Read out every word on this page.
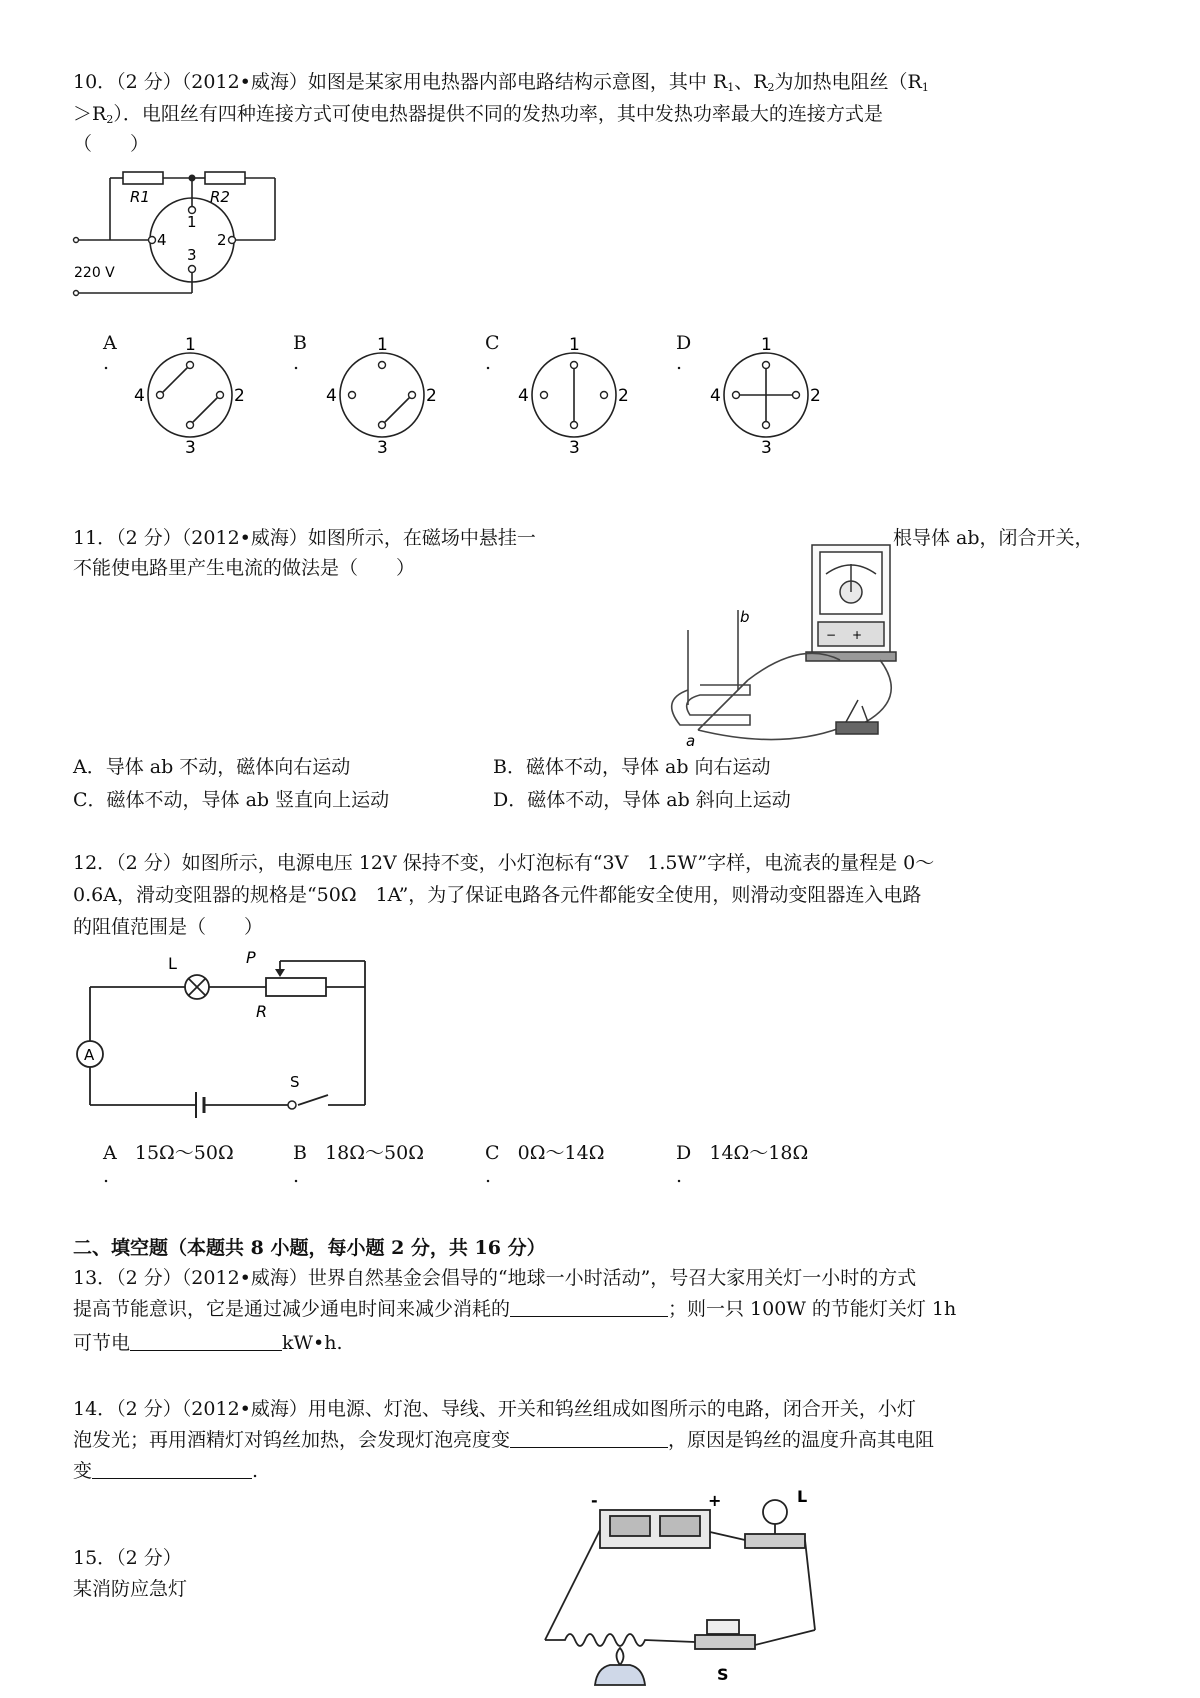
10．（2 分）（2012•威海）如图是某家用电热器内部电路结构示意图，其中 $R_1$、$R_2$为加热电阻丝（$R_1$
$>R_2$）．电阻丝有四种连接方式可使电热器提供不同的发热功率，其中发热功率最大的连接方式是
（　　）
R1	R2
1
4	2
3
220 V
A
.
B
.
C
.
D
.
1
4	2
3
1
4	2
3
1
4	2
3
1
4	2
3
11．（2 分）（2012•威海）如图所示，在磁场中悬挂一	根导体 ab，闭合开关，
不能使电路里产生电流的做法是（　　）
− +
b
a
A．导体 ab 不动，磁体向右运动	B．磁体不动，导体 ab 向右运动
C．磁体不动，导体 ab 竖直向上运动	D．磁体不动，导体 ab 斜向上运动
12．（2 分）如图所示，电源电压 12V 保持不变，小灯泡标有“3V　1.5W”字样，电流表的量程是 0～
0.6A，滑动变阻器的规格是“50Ω　1A”，为了保证电路各元件都能安全使用，则滑动变阻器连入电路
的阻值范围是（　　）
L	P
R
A
S
A 15Ω～50Ω
.
B 18Ω～50Ω
.
C 0Ω～14Ω
.
D 14Ω～18Ω
.
二、填空题（本题共 8 小题，每小题 2 分，共 16 分）
13．（2 分）（2012•威海）世界自然基金会倡导的“地球一小时活动”，号召大家用关灯一小时的方式
提高节能意识，它是通过减少通电时间来减少消耗的	；则一只 100W 的节能灯关灯 1h
可节电	kW•h.
14．（2 分）（2012•威海）用电源、灯泡、导线、开关和钨丝组成如图所示的电路，闭合开关，小灯
泡发光；再用酒精灯对钨丝加热，会发现灯泡亮度变	，原因是钨丝的温度升高其电阻
变	.
-	+	L
S
15．（2 分）
某消防应急灯
